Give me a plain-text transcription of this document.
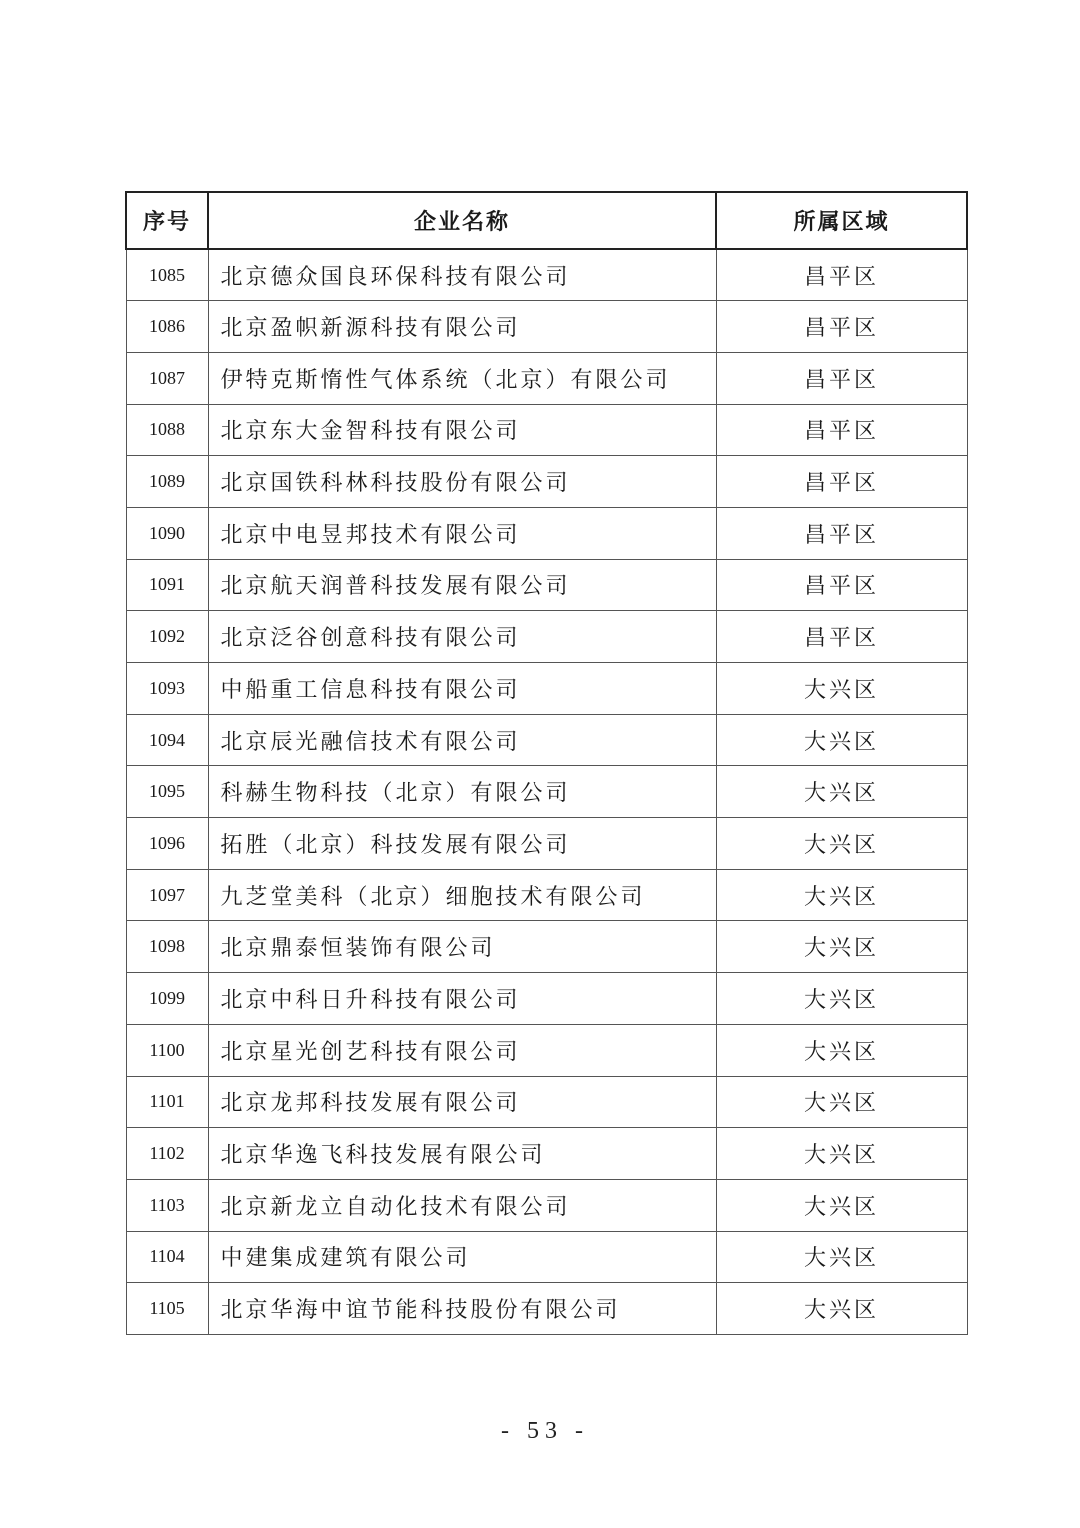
序号	企业名称	所属区域
1085	北京德众国良环保科技有限公司	昌平区
1086	北京盈帜新源科技有限公司	昌平区
1087	伊特克斯惰性气体系统（北京）有限公司	昌平区
1088	北京东大金智科技有限公司	昌平区
1089	北京国铁科林科技股份有限公司	昌平区
1090	北京中电昱邦技术有限公司	昌平区
1091	北京航天润普科技发展有限公司	昌平区
1092	北京泛谷创意科技有限公司	昌平区
1093	中船重工信息科技有限公司	大兴区
1094	北京辰光融信技术有限公司	大兴区
1095	科赫生物科技（北京）有限公司	大兴区
1096	拓胜（北京）科技发展有限公司	大兴区
1097	九芝堂美科（北京）细胞技术有限公司	大兴区
1098	北京鼎泰恒装饰有限公司	大兴区
1099	北京中科日升科技有限公司	大兴区
1100	北京星光创艺科技有限公司	大兴区
1101	北京龙邦科技发展有限公司	大兴区
1102	北京华逸飞科技发展有限公司	大兴区
1103	北京新龙立自动化技术有限公司	大兴区
1104	中建集成建筑有限公司	大兴区
1105	北京华海中谊节能科技股份有限公司	大兴区
- 53 -
